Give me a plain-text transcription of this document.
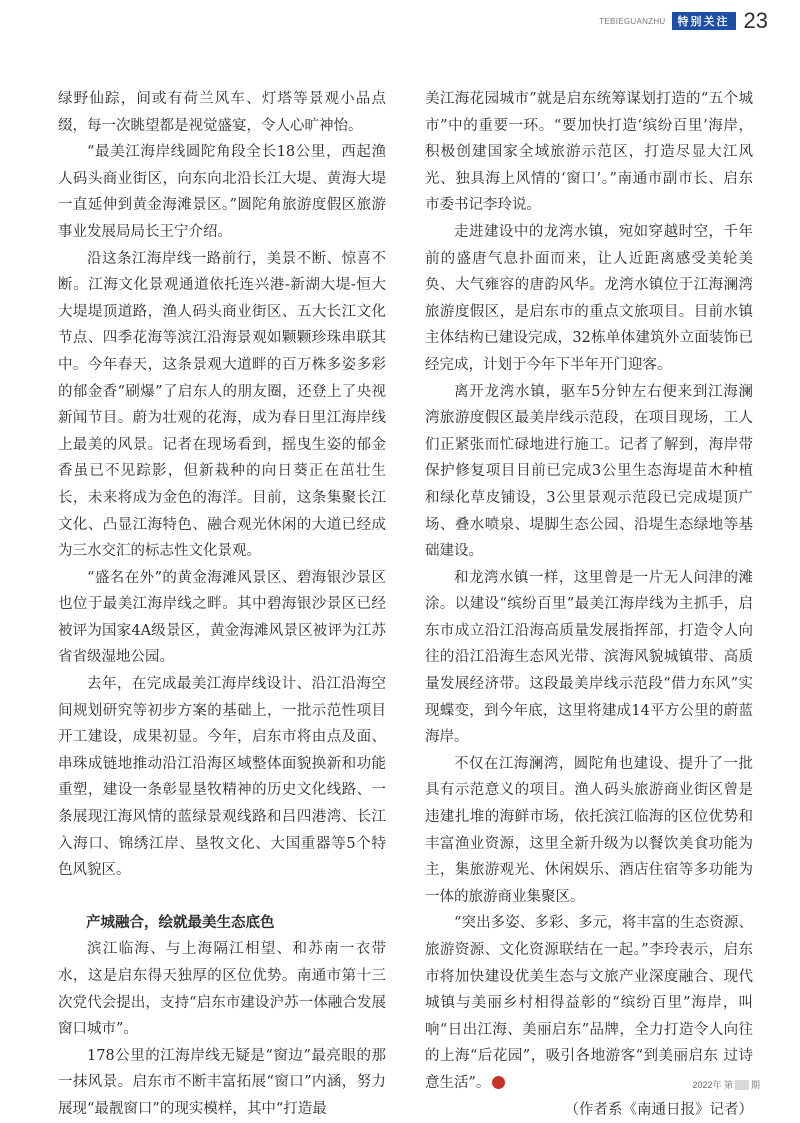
TEBIEGUANZHU	特别关注 23

绿野仙踪，间或有荷兰风车、灯塔等景观小品点缀，每一次眺望都是视觉盛宴，令人心旷神怡。

“最美江海岸线圆陀角段全长18公里，西起渔人码头商业街区，向东向北沿长江大堤、黄海大堤一直延伸到黄金海滩景区。”圆陀角旅游度假区旅游事业发展局局长王宁介绍。

沿这条江海岸线一路前行，美景不断、惊喜不断。江海文化景观通道依托连兴港-新湖大堤-恒大大堤堤顶道路，渔人码头商业街区、五大长江文化节点、四季花海等滨江沿海景观如颗颗珍珠串联其中。今年春天，这条景观大道畔的百万株多姿多彩的郁金香“刷爆”了启东人的朋友圈，还登上了央视新闻节目。蔚为壮观的花海，成为春日里江海岸线上最美的风景。记者在现场看到，摇曳生姿的郁金香虽已不见踪影，但新栽种的向日葵正在茁壮生长，未来将成为金色的海洋。目前，这条集聚长江文化、凸显江海特色、融合观光休闲的大道已经成为三水交汇的标志性文化景观。

“盛名在外”的黄金海滩风景区、碧海银沙景区也位于最美江海岸线之畔。其中碧海银沙景区已经被评为国家4A级景区，黄金海滩风景区被评为江苏省省级湿地公园。

去年，在完成最美江海岸线设计、沿江沿海空间规划研究等初步方案的基础上，一批示范性项目开工建设，成果初显。今年，启东市将由点及面、串珠成链地推动沿江沿海区域整体面貌换新和功能重塑，建设一条彰显垦牧精神的历史文化线路、一条展现江海风情的蓝绿景观线路和吕四港湾、长江入海口、锦绣江岸、垦牧文化、大国重器等5个特色风貌区。

产城融合，绘就最美生态底色

滨江临海、与上海隔江相望、和苏南一衣带水，这是启东得天独厚的区位优势。南通市第十三次党代会提出，支持“启东市建设沪苏一体融合发展窗口城市”。

178公里的江海岸线无疑是“窗边”最亮眼的那一抹风景。启东市不断丰富拓展“窗口”内涵，努力展现“最靓窗口”的现实模样，其中“打造最

美江海花园城市”就是启东统筹谋划打造的“五个城市”中的重要一环。“要加快打造‘缤纷百里’海岸，积极创建国家全域旅游示范区，打造尽显大江风光、独具海上风情的‘窗口’。”南通市副市长、启东市委书记李玲说。

走进建设中的龙湾水镇，宛如穿越时空，千年前的盛唐气息扑面而来，让人近距离感受美轮美奂、大气雍容的唐韵风华。龙湾水镇位于江海澜湾旅游度假区，是启东市的重点文旅项目。目前水镇主体结构已建设完成，32栋单体建筑外立面装饰已经完成，计划于今年下半年开门迎客。

离开龙湾水镇，驱车5分钟左右便来到江海澜湾旅游度假区最美岸线示范段，在项目现场，工人们正紧张而忙碌地进行施工。记者了解到，海岸带保护修复项目目前已完成3公里生态海堤苗木种植和绿化草皮铺设，3公里景观示范段已完成堤顶广场、叠水喷泉、堤脚生态公园、沿堤生态绿地等基础建设。

和龙湾水镇一样，这里曾是一片无人问津的滩涂。以建设“缤纷百里”最美江海岸线为主抓手，启东市成立沿江沿海高质量发展指挥部，打造令人向往的沿江沿海生态风光带、滨海风貌城镇带、高质量发展经济带。这段最美岸线示范段“借力东风”实现蝶变，到今年底，这里将建成14平方公里的蔚蓝海岸。

不仅在江海澜湾，圆陀角也建设、提升了一批具有示范意义的项目。渔人码头旅游商业街区曾是违建扎堆的海鲜市场，依托滨江临海的区位优势和丰富渔业资源，这里全新升级为以餐饮美食功能为主，集旅游观光、休闲娱乐、酒店住宿等多功能为一体的旅游商业集聚区。

“突出多姿、多彩、多元，将丰富的生态资源、旅游资源、文化资源联结在一起。”李玲表示，启东市将加快建设优美生态与文旅产业深度融合、现代城镇与美丽乡村相得益彰的“缤纷百里”海岸，叫响“日出江海、美丽启东”品牌，全力打造令人向往的上海“后花园”，吸引各地游客“到美丽启东 过诗意生活”。	苑

（作者系《南通日报》记者）

2022年 第 期
